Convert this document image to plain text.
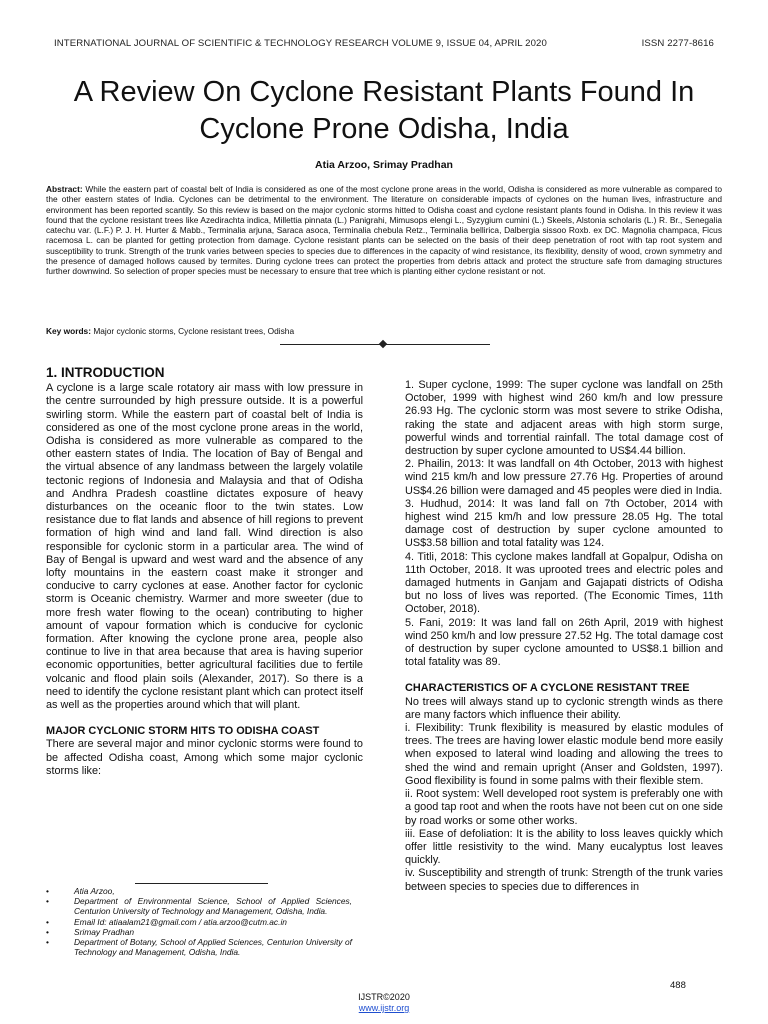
INTERNATIONAL JOURNAL OF SCIENTIFIC & TECHNOLOGY RESEARCH VOLUME 9, ISSUE 04, APRIL 2020	ISSN 2277-8616
A Review On Cyclone Resistant Plants Found In
Cyclone Prone Odisha, India
Atia Arzoo, Srimay Pradhan
Abstract: While the eastern part of coastal belt of India is considered as one of the most cyclone prone areas in the world, Odisha is considered as more vulnerable as compared to the other eastern states of India. Cyclones can be detrimental to the environment. The literature on considerable impacts of cyclones on the human lives, infrastructure and environment has been reported scantily. So this review is based on the major cyclonic storms hitted to Odisha coast and cyclone resistant plants found in Odisha. In this review it was found that the cyclone resistant trees like Azedirachta indica, Millettia pinnata (L.) Panigrahi, Mimusops elengi L., Syzygium cumini (L.) Skeels, Alstonia scholaris (L.) R. Br., Senegalia catechu var. (L.F.) P. J. H. Hurter & Mabb., Terminalia arjuna, Saraca asoca, Terminalia chebula Retz., Terminalia bellirica, Dalbergia sissoo Roxb. ex DC. Magnolia champaca, Ficus racemosa L. can be planted for getting protection from damage. Cyclone resistant plants can be selected on the basis of their deep penetration of root with tap root system and susceptibility to trunk. Strength of the trunk varies between species to species due to differences in the capacity of wind resistance, its flexibility, density of wood, crown symmetry and the presence of damaged hollows caused by termites. During cyclone trees can protect the properties from debris attack and protect the structure safe from damaging structures further downwind. So selection of proper species must be necessary to ensure that tree which is planting either cyclone resistant or not.
Key words: Major cyclonic storms, Cyclone resistant trees, Odisha
1. INTRODUCTION

A cyclone is a large scale rotatory air mass with low pressure in the centre surrounded by high pressure outside. It is a powerful swirling storm. While the eastern part of coastal belt of India is considered as one of the most cyclone prone areas in the world, Odisha is considered as more vulnerable as compared to the other eastern states of India. The location of Bay of Bengal and the virtual absence of any landmass between the largely volatile tectonic regions of Indonesia and Malaysia and that of Odisha and Andhra Pradesh coastline dictates exposure of heavy disturbances on the oceanic floor to the twin states. Low resistance due to flat lands and absence of hill regions to prevent formation of high wind and land fall. Wind direction is also responsible for cyclonic storm in a particular area. The wind of Bay of Bengal is upward and west ward and the absence of any lofty mountains in the eastern coast make it stronger and conducive to carry cyclones at ease. Another factor for cyclonic storm is Oceanic chemistry. Warmer and more sweeter (due to more fresh water flowing to the ocean) contributing to higher amount of vapour formation which is conducive for cyclonic formation. After knowing the cyclone prone area, people also continue to live in that area because that area is having superior economic opportunities, better agricultural facilities due to fertile volcanic and flood plain soils (Alexander, 2017). So there is a need to identify the cyclone resistant plant which can protect itself as well as the properties around which that will plant.

MAJOR CYCLONIC STORM HITS TO ODISHA COAST

There are several major and minor cyclonic storms were found to be affected Odisha coast, Among which some major cyclonic storms like:

1. Super cyclone, 1999: The super cyclone was landfall on 25th October, 1999 with highest wind 260 km/h and low pressure 26.93 Hg. The cyclonic storm was most severe to strike Odisha, raking the state and adjacent areas with high storm surge, powerful winds and torrential rainfall. The total damage cost of destruction by super cyclone amounted to US$4.44 billion.

2. Phailin, 2013: It was landfall on 4th October, 2013 with highest wind 215 km/h and low pressure 27.76 Hg. Properties of around US$4.26 billion were damaged and 45 peoples were died in India.

3. Hudhud, 2014: It was land fall on 7th October, 2014 with highest wind 215 km/h and low pressure 28.05 Hg. The total damage cost of destruction by super cyclone amounted to US$3.58 billion and total fatality was 124.

4. Titli, 2018: This cyclone makes landfall at Gopalpur, Odisha on 11th October, 2018. It was uprooted trees and electric poles and damaged hutments in Ganjam and Gajapati districts of Odisha but no loss of lives was reported. (The Economic Times, 11th October, 2018).

5. Fani, 2019: It was land fall on 26th April, 2019 with highest wind 250 km/h and low pressure 27.52 Hg. The total damage cost of destruction by super cyclone amounted to US$8.1 billion and total fatality was 89.

CHARACTERISTICS OF A CYCLONE RESISTANT TREE

No trees will always stand up to cyclonic strength winds as there are many factors which influence their ability.

i. Flexibility: Trunk flexibility is measured by elastic modules of trees. The trees are having lower elastic module bend more easily when exposed to lateral wind loading and allowing the trees to shed the wind and remain upright (Anser and Goldsten, 1997). Good flexibility is found in some palms with their flexible stem.

ii. Root system: Well developed root system is preferably one with a good tap root and when the roots have not been cut on one side by road works or some other works.

iii. Ease of defoliation: It is the ability to loss leaves quickly which offer little resistivity to the wind. Many eucalyptus lost leaves quickly.

iv. Susceptibility and strength of trunk: Strength of the trunk varies between species to species due to differences in

•	Atia Arzoo,
•	Department of Environmental Science, School of Applied Sciences, Centurion University of Technology and Management, Odisha, India.
•	Email Id: atiaalam21@gmail.com / atia.arzoo@cutm.ac.in
•	Srimay Pradhan
•	Department of Botany, School of Applied Sciences, Centurion University of Technology and Management, Odisha, India.
488
IJSTR©2020
www.ijstr.org
